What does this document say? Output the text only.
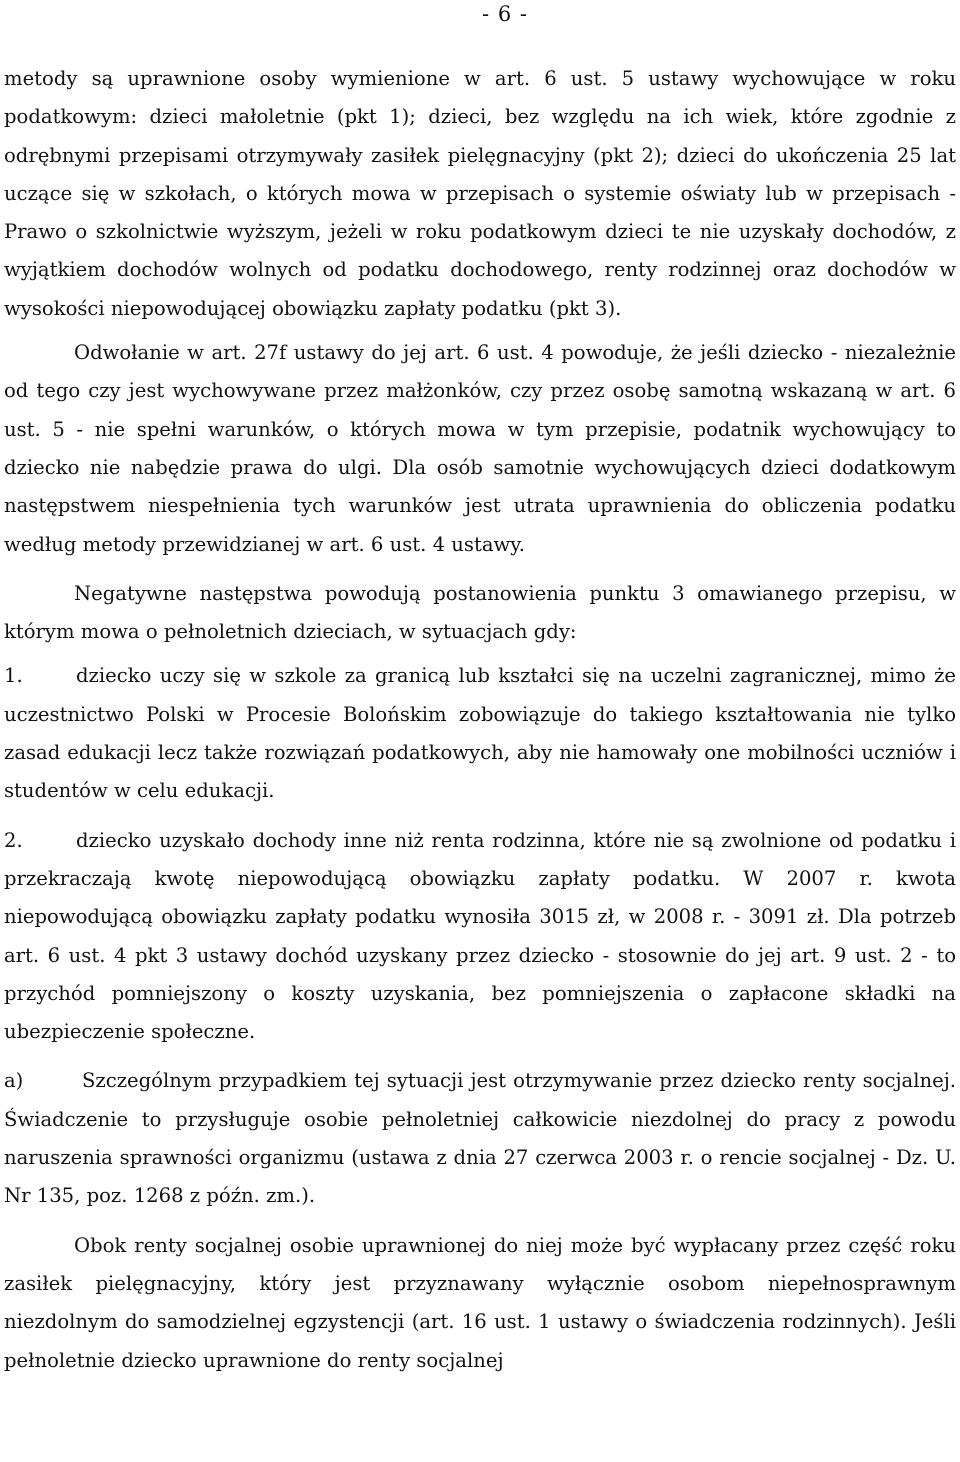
- 6 -

metody są uprawnione osoby wymienione w art. 6 ust. 5 ustawy wychowujące w roku podatkowym: dzieci małoletnie (pkt 1); dzieci, bez względu na ich wiek, które zgodnie z odrębnymi przepisami otrzymywały zasiłek pielęgnacyjny (pkt 2); dzieci do ukończenia 25 lat uczące się w szkołach, o których mowa w przepisach o systemie oświaty lub w przepisach - Prawo o szkolnictwie wyższym, jeżeli w roku podatkowym dzieci te nie uzyskały dochodów, z wyjątkiem dochodów wolnych od podatku dochodowego, renty rodzinnej oraz dochodów w wysokości niepowodującej obowiązku zapłaty podatku (pkt 3).

Odwołanie w art. 27f ustawy do jej art. 6 ust. 4 powoduje, że jeśli dziecko - niezależnie od tego czy jest wychowywane przez małżonków, czy przez osobę samotną wskazaną w art. 6 ust. 5 - nie spełni warunków, o których mowa w tym przepisie, podatnik wychowujący to dziecko nie nabędzie prawa do ulgi. Dla osób samotnie wychowujących dzieci dodatkowym następstwem niespełnienia tych warunków jest utrata uprawnienia do obliczenia podatku według metody przewidzianej w art. 6 ust. 4 ustawy.

Negatywne następstwa powodują postanowienia punktu 3 omawianego przepisu, w którym mowa o pełnoletnich dzieciach, w sytuacjach gdy:

1.	dziecko uczy się w szkole za granicą lub kształci się na uczelni zagranicznej, mimo że uczestnictwo Polski w Procesie Bolońskim zobowiązuje do takiego kształtowania nie tylko zasad edukacji lecz także rozwiązań podatkowych, aby nie hamowały one mobilności uczniów i studentów w celu edukacji.

2.	dziecko uzyskało dochody inne niż renta rodzinna, które nie są zwolnione od podatku i przekraczają kwotę niepowodującą obowiązku zapłaty podatku. W 2007 r. kwota niepowodującą obowiązku zapłaty podatku wynosiła 3015 zł, w 2008 r. - 3091 zł. Dla potrzeb art. 6 ust. 4 pkt 3 ustawy dochód uzyskany przez dziecko - stosownie do jej art. 9 ust. 2 - to przychód pomniejszony o koszty uzyskania, bez pomniejszenia o zapłacone składki na ubezpieczenie społeczne.

a)	Szczególnym przypadkiem tej sytuacji jest otrzymywanie przez dziecko renty socjalnej. Świadczenie to przysługuje osobie pełnoletniej całkowicie niezdolnej do pracy z powodu naruszenia sprawności organizmu (ustawa z dnia 27 czerwca 2003 r. o rencie socjalnej - Dz. U. Nr 135, poz. 1268 z późn. zm.).

Obok renty socjalnej osobie uprawnionej do niej może być wypłacany przez część roku zasiłek pielęgnacyjny, który jest przyznawany wyłącznie osobom niepełnosprawnym niezdolnym do samodzielnej egzystencji (art. 16 ust. 1 ustawy o świadczenia rodzinnych). Jeśli pełnoletnie dziecko uprawnione do renty socjalnej
